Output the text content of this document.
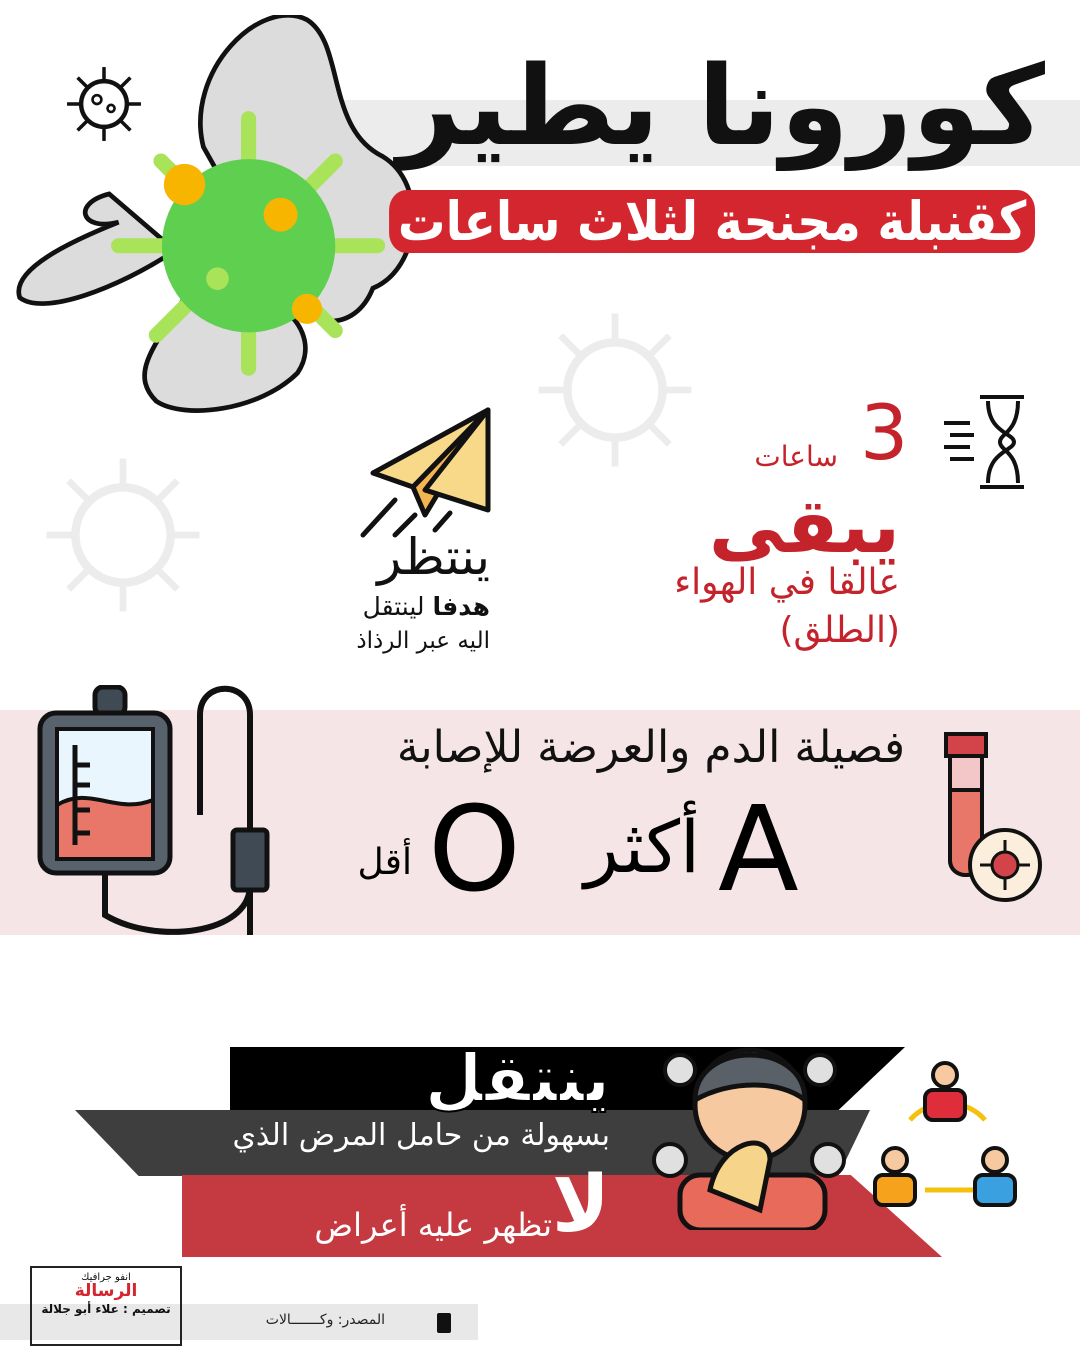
كورونا يطير
كقنبلة مجنحة لثلاث ساعات
3
ساعات
يبقى
عالقا في الهواء
(الطلق)
ينتظر
هدفا لينتقل
اليه عبر الرذاذ
فصيلة الدم والعرضة للإصابة
A
أكثر
O
أقل
ينتقل
بسهولة من حامل المرض الذي
لا
تظهر عليه أعراض
انفو جرافيك
الرسالة
تصميم : علاء أبو جلالة
المصدر: وكـــــــالات
